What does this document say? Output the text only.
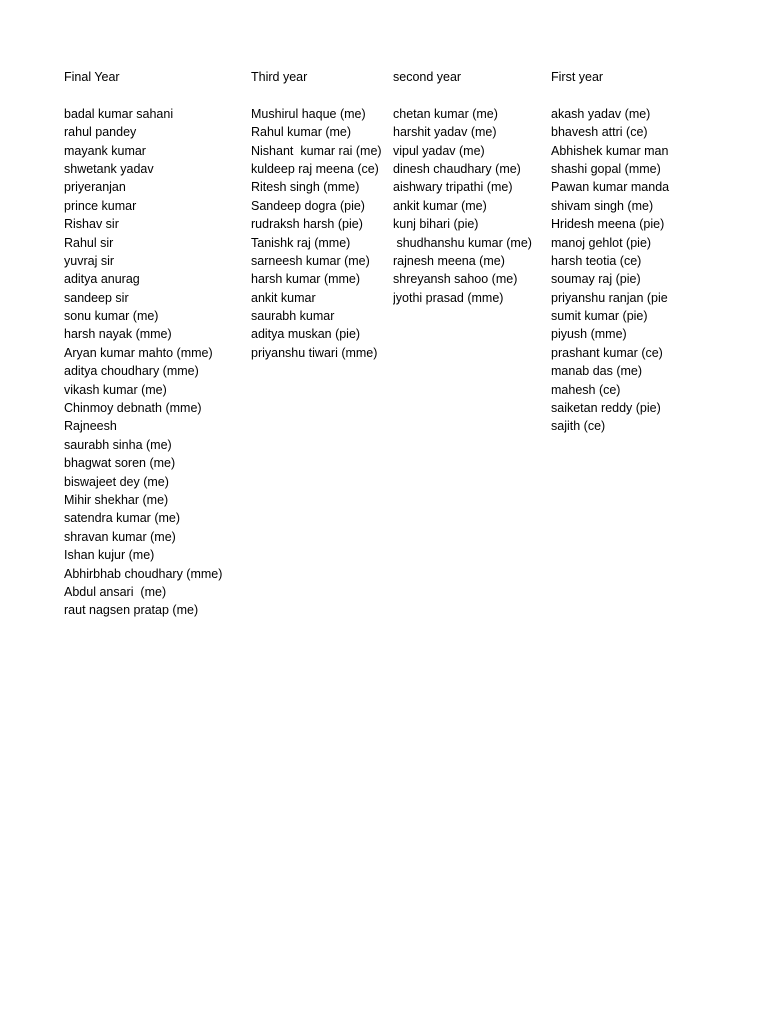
Final Year
badal kumar sahani
rahul pandey
mayank kumar
shwetank yadav
priyeranjan
prince kumar
Rishav sir
Rahul sir
yuvraj sir
aditya anurag
sandeep sir
sonu kumar (me)
harsh nayak (mme)
Aryan kumar mahto (mme)
aditya choudhary (mme)
vikash kumar (me)
Chinmoy debnath (mme)
Rajneesh
saurabh sinha (me)
bhagwat soren (me)
biswajeet dey (me)
Mihir shekhar (me)
satendra kumar (me)
shravan kumar (me)
Ishan kujur (me)
Abhirbhab choudhary (mme)
Abdul ansari  (me)
raut nagsen pratap (me)
Third year
Mushirul haque (me)
Rahul kumar (me)
Nishant  kumar rai (me)
kuldeep raj meena (ce)
Ritesh singh (mme)
Sandeep dogra (pie)
rudraksh harsh (pie)
Tanishk raj (mme)
sarneesh kumar (me)
harsh kumar (mme)
ankit kumar
saurabh kumar
aditya muskan (pie)
priyanshu tiwari (mme)
second year
chetan kumar (me)
harshit yadav (me)
vipul yadav (me)
dinesh chaudhary (me)
aishwary tripathi (me)
ankit kumar (me)
kunj bihari (pie)
shudhanshu kumar (me)
rajnesh meena (me)
shreyansh sahoo (me)
jyothi prasad (mme)
First year
akash yadav (me)
bhavesh attri (ce)
Abhishek kumar man
shashi gopal (mme)
Pawan kumar manda
shivam singh (me)
Hridesh meena (pie)
manoj gehlot (pie)
harsh teotia (ce)
soumay raj (pie)
priyanshu ranjan (pie
sumit kumar (pie)
piyush (mme)
prashant kumar (ce)
manab das (me)
mahesh (ce)
saiketan reddy (pie)
sajith (ce)
